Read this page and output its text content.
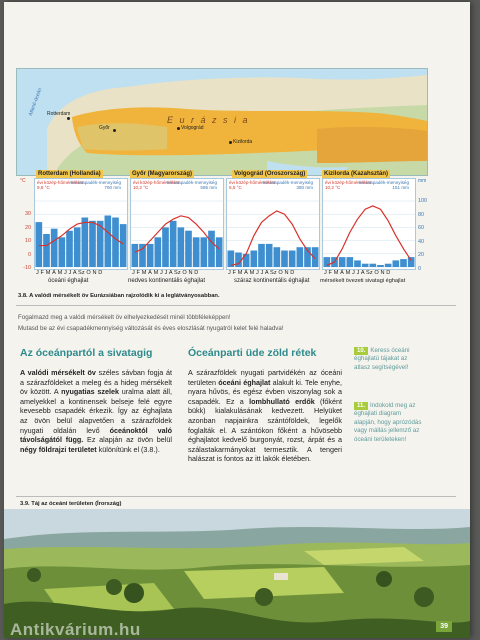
E u r á z s i a
Atlanti-óceán Rotterdam
Győr	Volgográd
Kizilorda
Rotterdam (Hollandia)	Győr (Magyarország)	Volgográd (Oroszország)	Kizilorda (Kazahsztán)
°C	mm
30
20
10
0
-10
100
80
60
40
20
0
évi közép-hőmérséklet
9,8 °C
évi csapadék-mennyiség
760 mm
évi közép-hőmérséklet
10,2 °C
évi csapadék-mennyiség
585 mm
évi közép-hőmérséklet
6,5 °C
évi csapadék-mennyiség
380 mm
évi közép-hőmérséklet
10,2 °C
évi csapadék-mennyiség
151 mm
J F M Á M J J A Sz O N D	J F M Á M J J A Sz O N D	J F M Á M J J A Sz O N D	J F M Á M J J A Sz O N D
óceáni éghajlat	nedves kontinentális éghajlat	száraz kontinentális éghajlat mérsékelt övezeti sivatagi éghajlat
3.8. A valódi mérsékelt öv Eurázsiában rajzolódik ki a leglátványosabban.
Fogalmazd meg a valódi mérsékelt öv elhelyezkedését minél többféleképpen!
Mutasd be az évi csapadékmennyiség változását és éves eloszlását nyugatról kelet felé haladva!
Az óceánpartól a sivatagig
A valódi mérsékelt öv széles sávban fogja át a szárazföldeket a meleg és a hideg mérsékelt öv között. A nyugatias szelek uralma alatt áll, amelyekkel a kontinensek belseje felé egyre kevesebb csapadék érkezik. Így az éghajlata az övön belül alapvetően a szárazföldek nyugati oldalán levő óceánoktól való távolságától függ. Ez alapján az övön belül négy földrajzi területet különítünk el (3.8.).
Óceánparti üde zöld rétek
A szárazföldek nyugati partvidékén az óceáni területen óceáni éghajlat alakult ki. Tele enyhe, nyara hűvös, és egész évben viszonylag sok a csapadék. Ez a lombhullató erdők (főként bükk) kialakulásának kedvezett. Helyüket azonban napjainkra szántóföldek, legelők foglalták el. A szántókon főként a hűvösebb éghajlatot kedvelő burgonyát, rozst, árpát és a szálastakarmányokat termesztik. A tengeri halászat is fontos az itt lakók életében.
10. Keress óceáni éghajlatú tájakat az atlasz segítségével!
11. Indokold meg az éghajlati diagram alapján, hogy aprózódás vagy mállás jellemző az óceáni területeken!
3.9. Táj az óceáni területen (Írország)
Antikvárium.hu	39
